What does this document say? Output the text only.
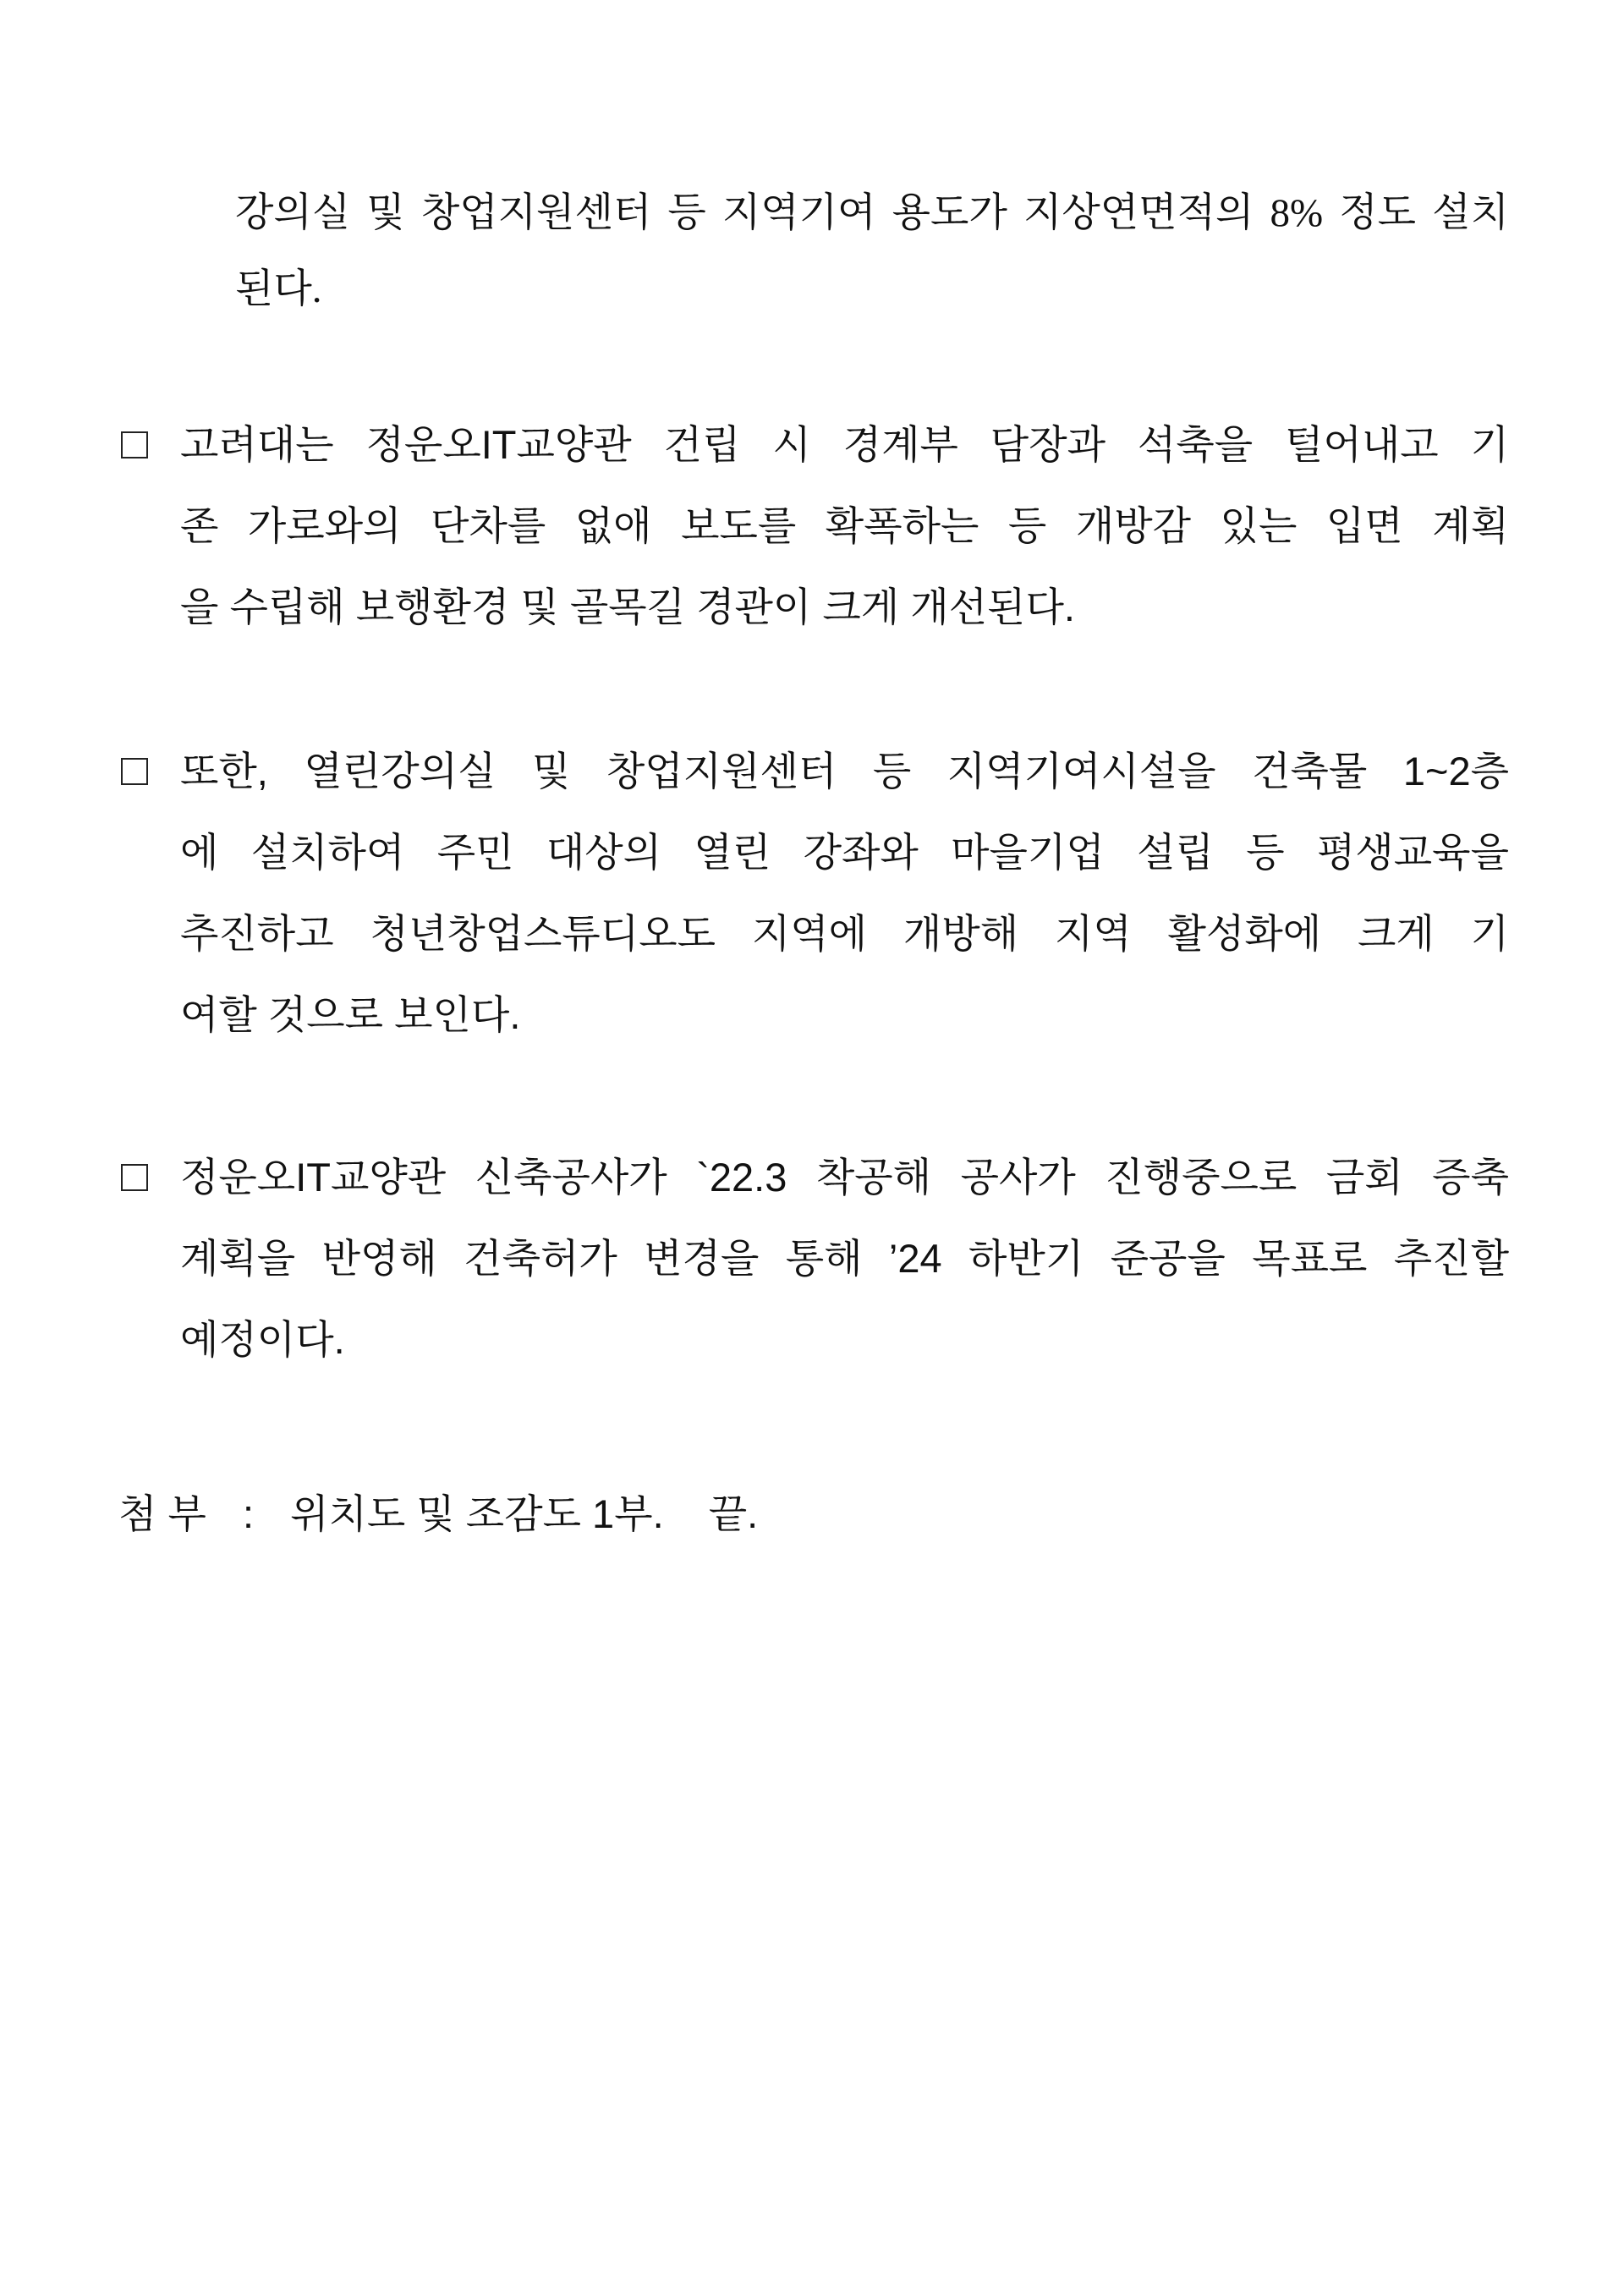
강의실 및 창업지원센터 등 지역기여 용도가 지상연면적의 8% 정도 설치
된다.
고려대는 정운오IT교양관 건립 시 경계부 담장과 석축을 털어내고 기
존 가로와의 단차를 없애 보도를 확폭하는 등 개방감 있는 입면 계획
을 수립해 보행환경 및 골목길 경관이 크게 개선된다.
또한, 열린강의실 및 창업지원센터 등 지역기여시설을 건축물 1~2층
에 설치하여 주민 대상의 열린 강좌와 마을기업 설립 등 평생교육을
추진하고 청년창업스튜디오도 지역에 개방해 지역 활성화에 크게 기
여할 것으로 보인다.
정운오IT교양관 신축공사가 `22.3 착공해 공사가 진행중으로 금회 증축
계획을 반영해 건축허가 변경을 통해 ’24 하반기 준공을 목표로 추진할
예정이다.
첨 부 : 위치도 및 조감도 1부. 끝.
